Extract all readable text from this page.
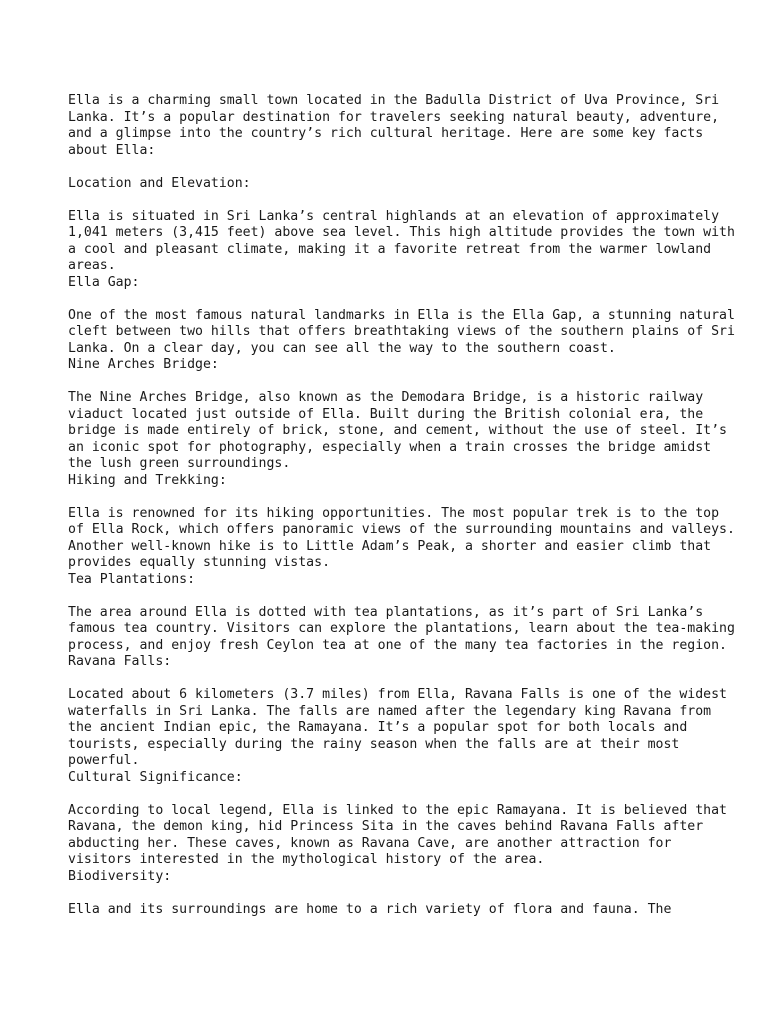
Ella is a charming small town located in the Badulla District of Uva Province, Sri
Lanka. It’s a popular destination for travelers seeking natural beauty, adventure,
and a glimpse into the country’s rich cultural heritage. Here are some key facts
about Ella:
Location and Elevation:
Ella is situated in Sri Lanka’s central highlands at an elevation of approximately
1,041 meters (3,415 feet) above sea level. This high altitude provides the town with
a cool and pleasant climate, making it a favorite retreat from the warmer lowland
areas.
Ella Gap:
One of the most famous natural landmarks in Ella is the Ella Gap, a stunning natural
cleft between two hills that offers breathtaking views of the southern plains of Sri
Lanka. On a clear day, you can see all the way to the southern coast.
Nine Arches Bridge:
The Nine Arches Bridge, also known as the Demodara Bridge, is a historic railway
viaduct located just outside of Ella. Built during the British colonial era, the
bridge is made entirely of brick, stone, and cement, without the use of steel. It’s
an iconic spot for photography, especially when a train crosses the bridge amidst
the lush green surroundings.
Hiking and Trekking:
Ella is renowned for its hiking opportunities. The most popular trek is to the top
of Ella Rock, which offers panoramic views of the surrounding mountains and valleys.
Another well-known hike is to Little Adam’s Peak, a shorter and easier climb that
provides equally stunning vistas.
Tea Plantations:
The area around Ella is dotted with tea plantations, as it’s part of Sri Lanka’s
famous tea country. Visitors can explore the plantations, learn about the tea-making
process, and enjoy fresh Ceylon tea at one of the many tea factories in the region.
Ravana Falls:
Located about 6 kilometers (3.7 miles) from Ella, Ravana Falls is one of the widest
waterfalls in Sri Lanka. The falls are named after the legendary king Ravana from
the ancient Indian epic, the Ramayana. It’s a popular spot for both locals and
tourists, especially during the rainy season when the falls are at their most
powerful.
Cultural Significance:
According to local legend, Ella is linked to the epic Ramayana. It is believed that
Ravana, the demon king, hid Princess Sita in the caves behind Ravana Falls after
abducting her. These caves, known as Ravana Cave, are another attraction for
visitors interested in the mythological history of the area.
Biodiversity:
Ella and its surroundings are home to a rich variety of flora and fauna. The
